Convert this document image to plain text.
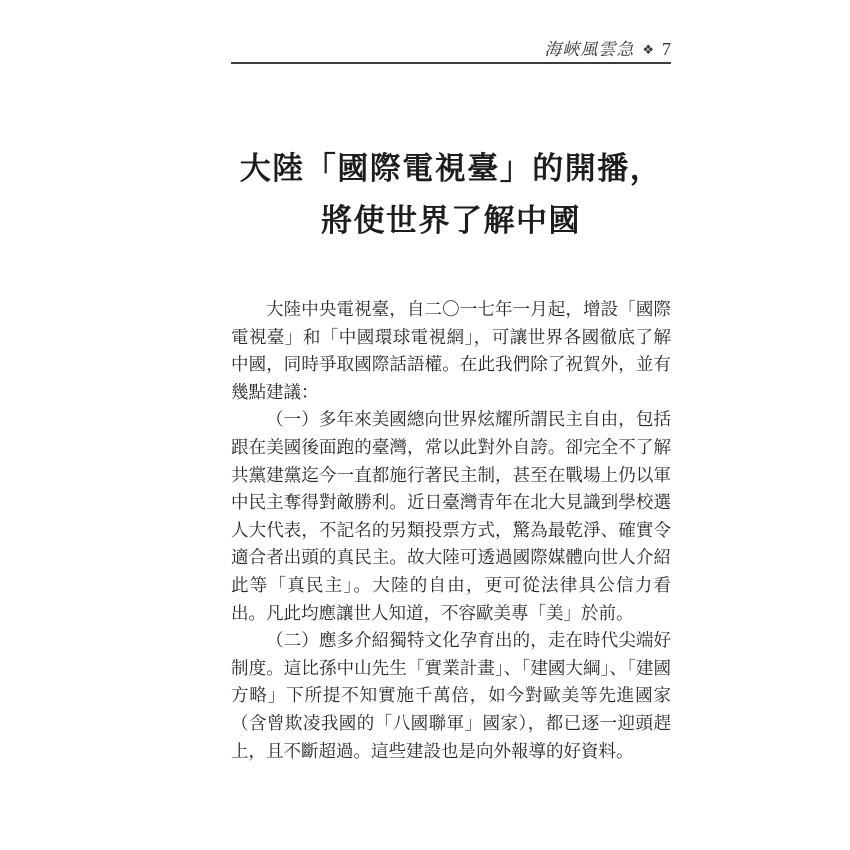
海峽風雲急 ❖ 7
大陸「國際電視臺」的開播，
將使世界了解中國

大陸中央電視臺，自二〇一七年一月起，增設「國際
電視臺」和「中國環球電視網」，可讓世界各國徹底了解
中國，同時爭取國際話語權。在此我們除了祝賀外，並有
幾點建議：

（一）多年來美國總向世界炫耀所謂民主自由，包括
跟在美國後面跑的臺灣，常以此對外自誇。卻完全不了解
共黨建黨迄今一直都施行著民主制，甚至在戰場上仍以軍
中民主奪得對敵勝利。近日臺灣青年在北大見識到學校選
人大代表，不記名的另類投票方式，驚為最乾淨、確實令
適合者出頭的真民主。故大陸可透過國際媒體向世人介紹
此等「真民主」。大陸的自由，更可從法律具公信力看
出。凡此均應讓世人知道，不容歐美專「美」於前。

（二）應多介紹獨特文化孕育出的，走在時代尖端好
制度。這比孫中山先生「實業計畫」、「建國大綱」、「建國
方略」下所提不知實施千萬倍，如今對歐美等先進國家
（含曾欺凌我國的「八國聯軍」國家），都已逐一迎頭趕
上，且不斷超過。這些建設也是向外報導的好資料。
